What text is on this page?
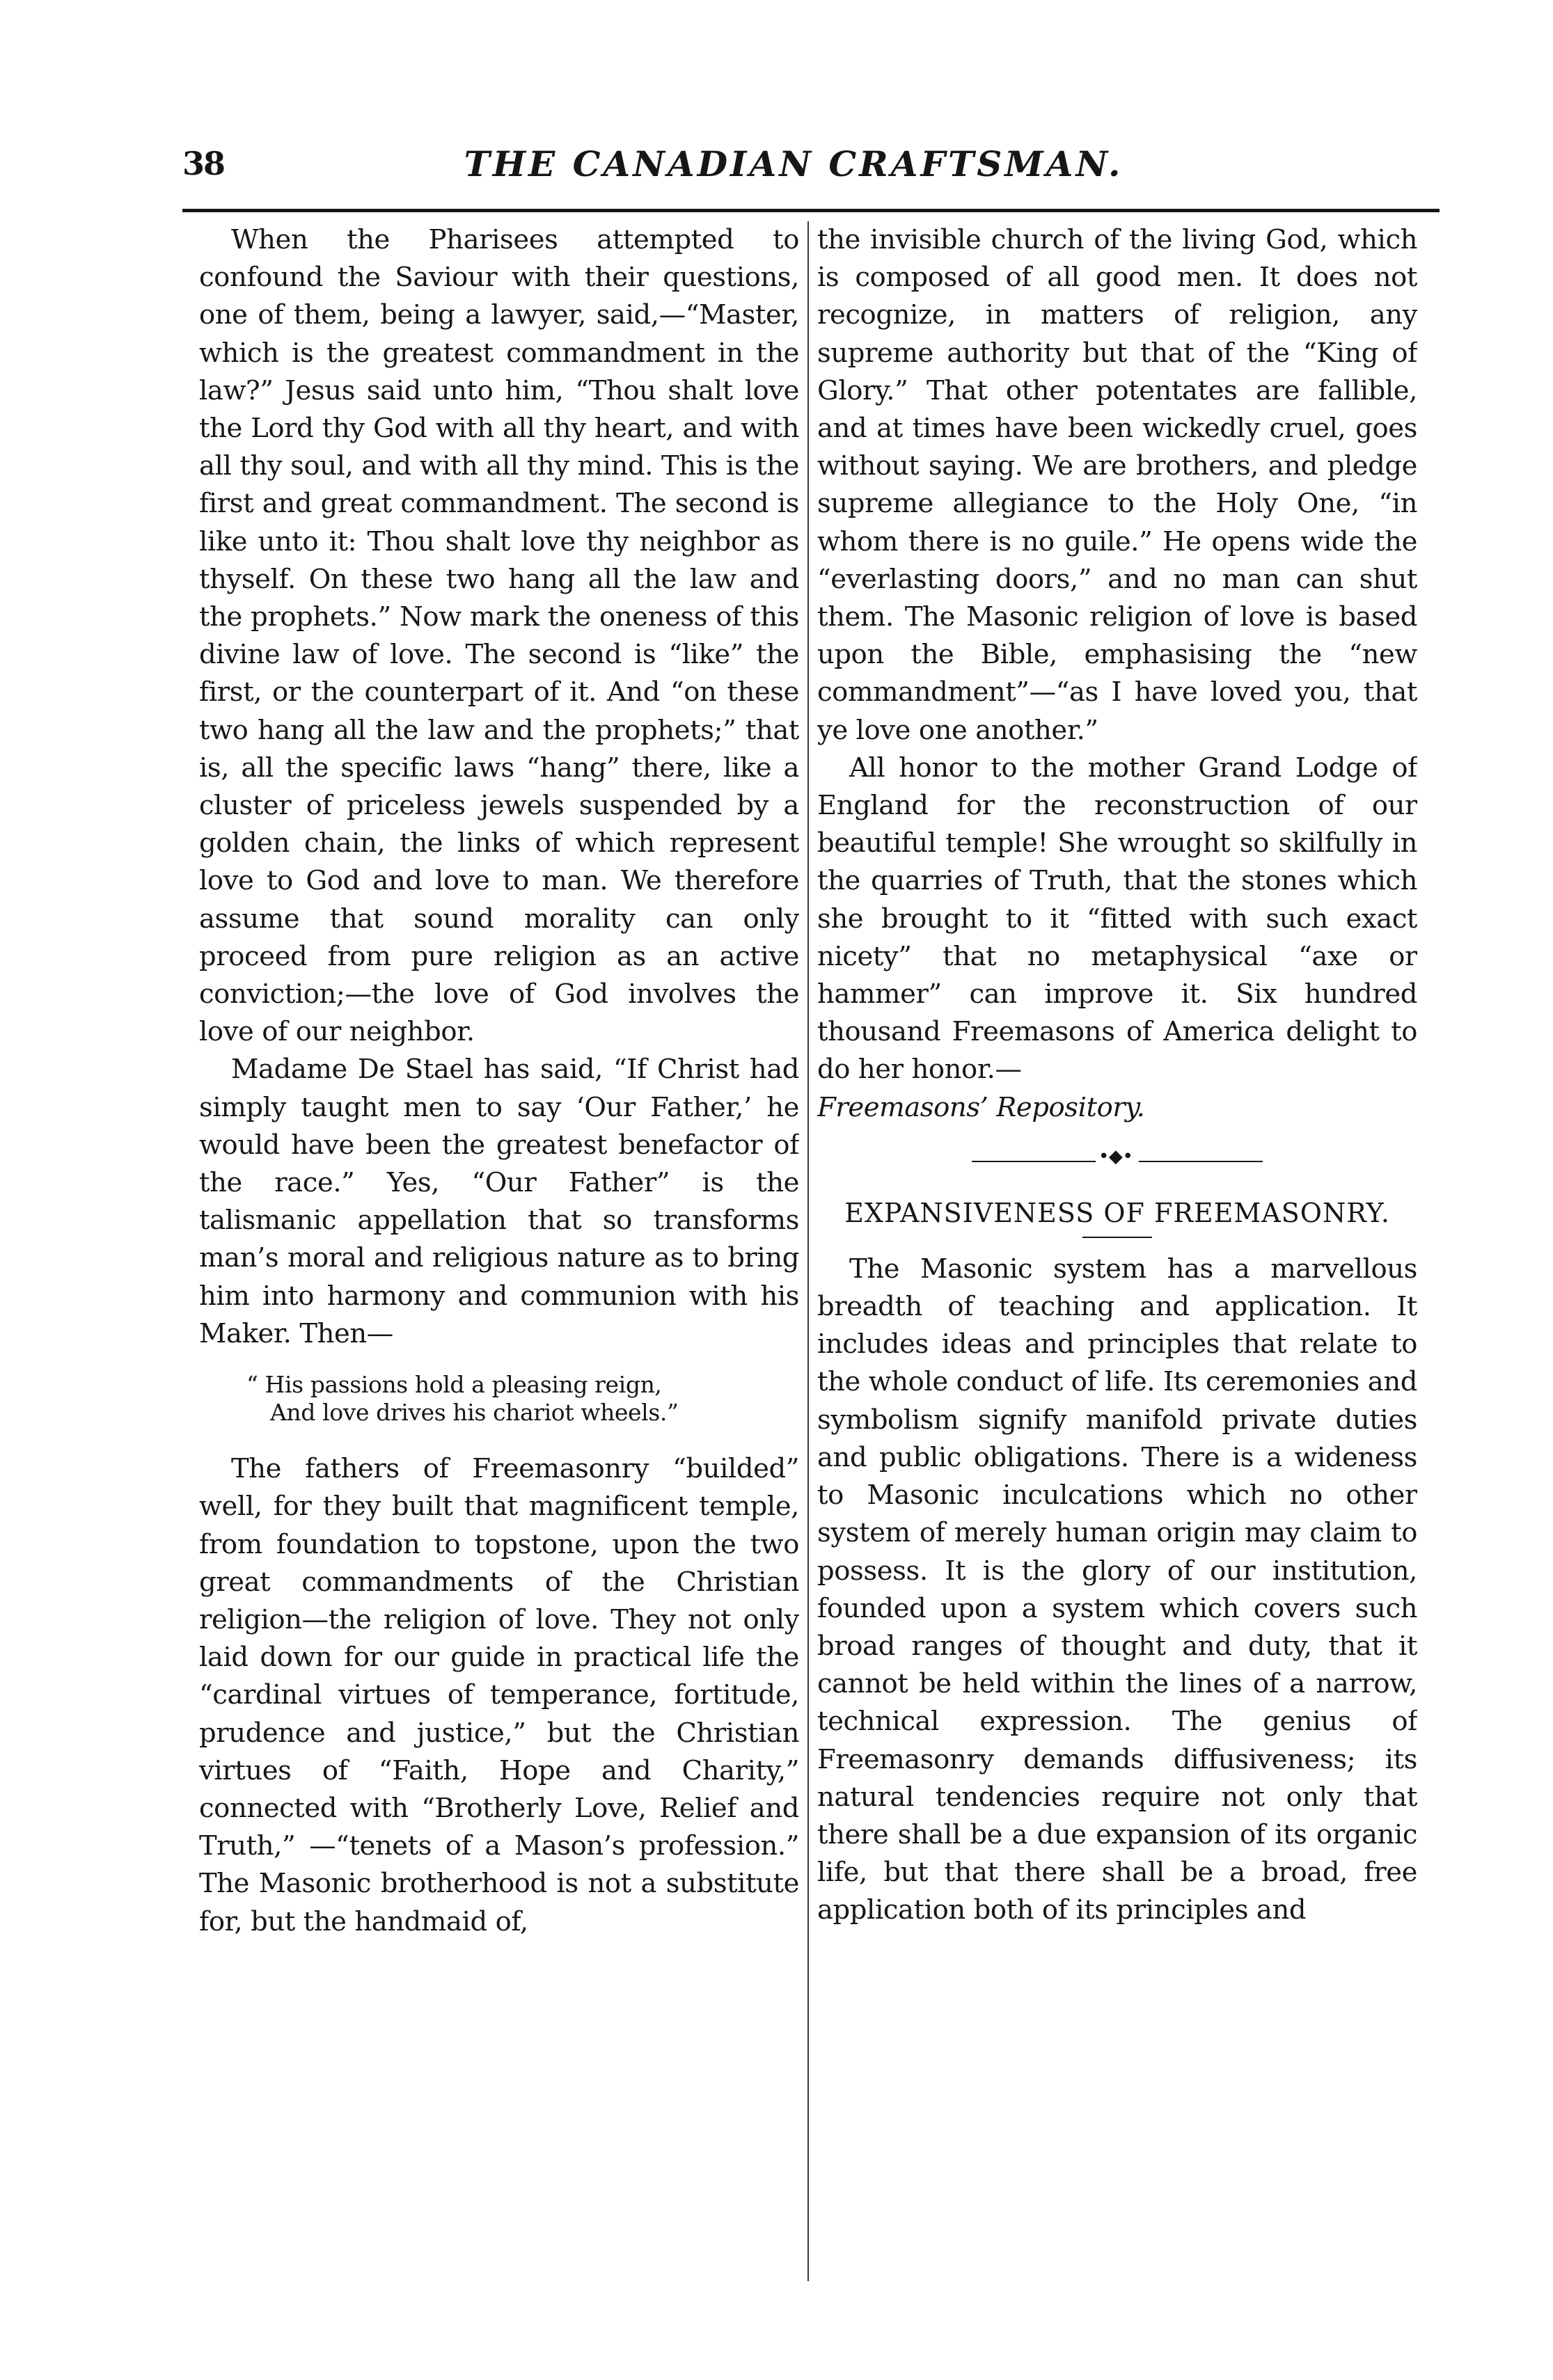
38	THE CANADIAN CRAFTSMAN.

When the Pharisees attempted to confound the Saviour with their questions, one of them, being a lawyer, said,—“Master, which is the greatest commandment in the law?” Jesus said unto him, “Thou shalt love the Lord thy God with all thy heart, and with all thy soul, and with all thy mind. This is the first and great commandment. The second is like unto it: Thou shalt love thy neighbor as thyself. On these two hang all the law and the prophets.” Now mark the oneness of this divine law of love. The second is “like” the first, or the counterpart of it. And “on these two hang all the law and the prophets;” that is, all the specific laws “hang” there, like a cluster of priceless jewels suspended by a golden chain, the links of which represent love to God and love to man. We therefore assume that sound morality can only proceed from pure religion as an active conviction;—the love of God involves the love of our neighbor.

Madame De Stael has said, “If Christ had simply taught men to say ‘Our Father,’ he would have been the greatest benefactor of the race.” Yes, “Our Father” is the talismanic appellation that so transforms man’s moral and religious nature as to bring him into harmony and communion with his Maker. Then—

“ His passions hold a pleasing reign,
And love drives his chariot wheels.”

The fathers of Freemasonry “builded” well, for they built that magnificent temple, from foundation to topstone, upon the two great commandments of the Christian religion—the religion of love. They not only laid down for our guide in practical life the “cardinal virtues of temperance, fortitude, prudence and justice,” but the Christian virtues of “Faith, Hope and Charity,” connected with “Brotherly Love, Relief and Truth,” —“tenets of a Mason’s profession.” The Masonic brotherhood is not a substitute for, but the handmaid of,

the invisible church of the living God, which is composed of all good men. It does not recognize, in matters of religion, any supreme authority but that of the “King of Glory.” That other potentates are fallible, and at times have been wickedly cruel, goes without saying. We are brothers, and pledge supreme allegiance to the Holy One, “in whom there is no guile.” He opens wide the “everlasting doors,” and no man can shut them. The Masonic religion of love is based upon the Bible, emphasising the “new commandment”—“as I have loved you, that ye love one another.”

All honor to the mother Grand Lodge of England for the reconstruction of our beautiful temple! She wrought so skilfully in the quarries of Truth, that the stones which she brought to it “fitted with such exact nicety” that no metaphysical “axe or hammer” can improve it. Six hundred thousand Freemasons of America delight to do her honor.—
Freemasons’ Repository.

•◆•
EXPANSIVENESS OF FREEMASONRY.

The Masonic system has a marvellous breadth of teaching and application. It includes ideas and principles that relate to the whole conduct of life. Its ceremonies and symbolism signify manifold private duties and public obligations. There is a wideness to Masonic inculcations which no other system of merely human origin may claim to possess. It is the glory of our institution, founded upon a system which covers such broad ranges of thought and duty, that it cannot be held within the lines of a narrow, technical expression. The genius of Freemasonry demands diffusiveness; its natural tendencies require not only that there shall be a due expansion of its organic life, but that there shall be a broad, free application both of its principles and
